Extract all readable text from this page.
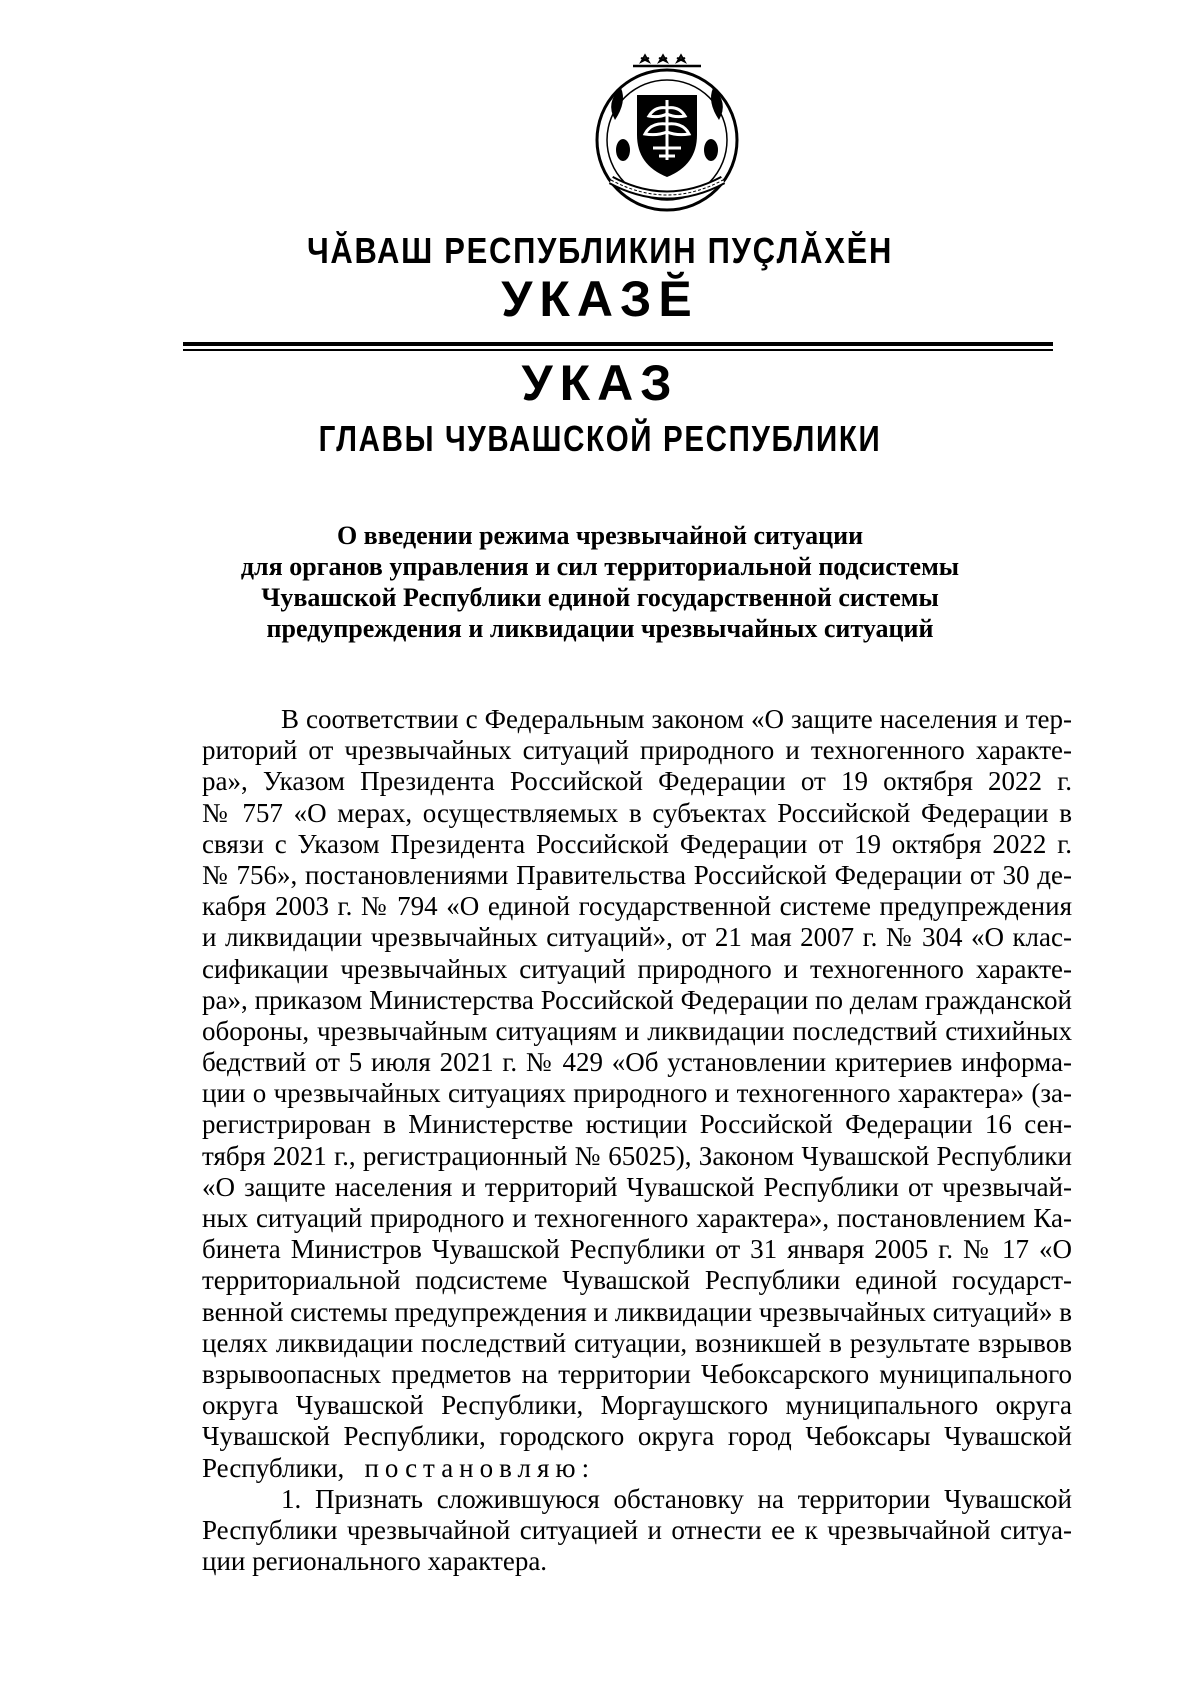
ЧĂВАШ РЕСПУБЛИКИН ПУÇЛĂХĔН
УКАЗĔ
УКАЗ
ГЛАВЫ ЧУВАШСКОЙ РЕСПУБЛИКИ
О введении режима чрезвычайной ситуации
для органов управления и сил территориальной подсистемы
Чувашской Республики единой государственной системы
предупреждения и ликвидации чрезвычайных ситуаций
В соответствии с Федеральным законом «О защите населения и тер-
риторий от чрезвычайных ситуаций природного и техногенного характе-
ра», Указом Президента Российской Федерации от 19 октября 2022 г.
№ 757 «О мерах, осуществляемых в субъектах Российской Федерации в
связи с Указом Президента Российской Федерации от 19 октября 2022 г.
№ 756», постановлениями Правительства Российской Федерации от 30 де-
кабря 2003 г. № 794 «О единой государственной системе предупреждения
и ликвидации чрезвычайных ситуаций», от 21 мая 2007 г. № 304 «О клас-
сификации чрезвычайных ситуаций природного и техногенного характе-
ра», приказом Министерства Российской Федерации по делам гражданской
обороны, чрезвычайным ситуациям и ликвидации последствий стихийных
бедствий от 5 июля 2021 г. № 429 «Об установлении критериев информа-
ции о чрезвычайных ситуациях природного и техногенного характера» (за-
регистрирован в Министерстве юстиции Российской Федерации 16 сен-
тября 2021 г., регистрационный № 65025), Законом Чувашской Республики
«О защите населения и территорий Чувашской Республики от чрезвычай-
ных ситуаций природного и техногенного характера», постановлением Ка-
бинета Министров Чувашской Республики от 31 января 2005 г. № 17 «О
территориальной подсистеме Чувашской Республики единой государст-
венной системы предупреждения и ликвидации чрезвычайных ситуаций» в
целях ликвидации последствий ситуации, возникшей в результате взрывов
взрывоопасных предметов на территории Чебоксарского муниципального
округа Чувашской Республики, Моргаушского муниципального округа
Чувашской Республики, городского округа город Чебоксары Чувашской
Республики, постановляю:
1. Признать сложившуюся обстановку на территории Чувашской
Республики чрезвычайной ситуацией и отнести ее к чрезвычайной ситуа-
ции регионального характера.
